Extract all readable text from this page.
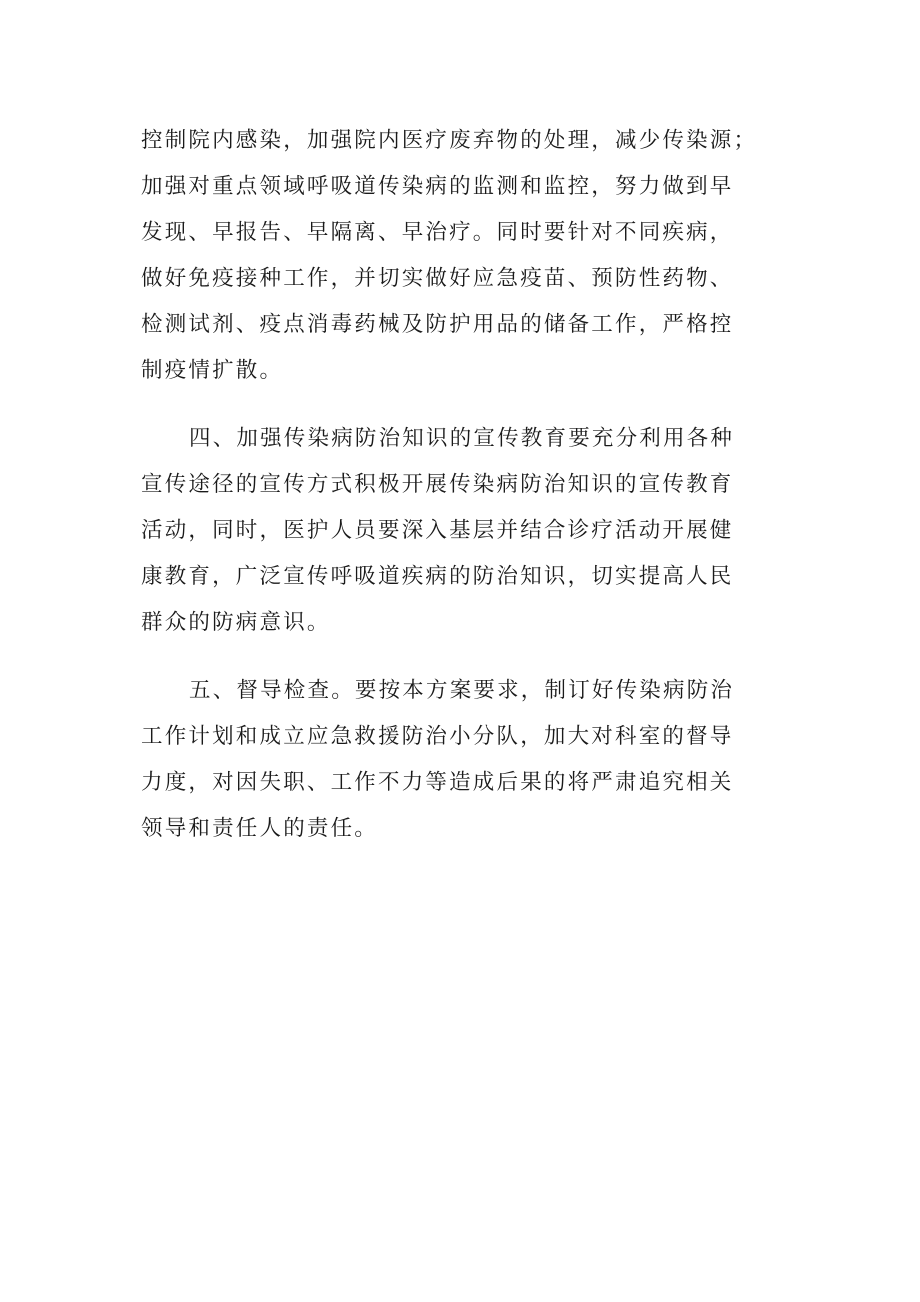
控制院内感染，加强院内医疗废弃物的处理，减少传染源；
加强对重点领域呼吸道传染病的监测和监控，努力做到早
发现、早报告、早隔离、早治疗。同时要针对不同疾病，
做好免疫接种工作，并切实做好应急疫苗、预防性药物、
检测试剂、疫点消毒药械及防护用品的储备工作，严格控
制疫情扩散。
四、加强传染病防治知识的宣传教育要充分利用各种
宣传途径的宣传方式积极开展传染病防治知识的宣传教育
活动，同时，医护人员要深入基层并结合诊疗活动开展健
康教育，广泛宣传呼吸道疾病的防治知识，切实提高人民
群众的防病意识。
五、督导检查。要按本方案要求，制订好传染病防治
工作计划和成立应急救援防治小分队，加大对科室的督导
力度，对因失职、工作不力等造成后果的将严肃追究相关
领导和责任人的责任。
